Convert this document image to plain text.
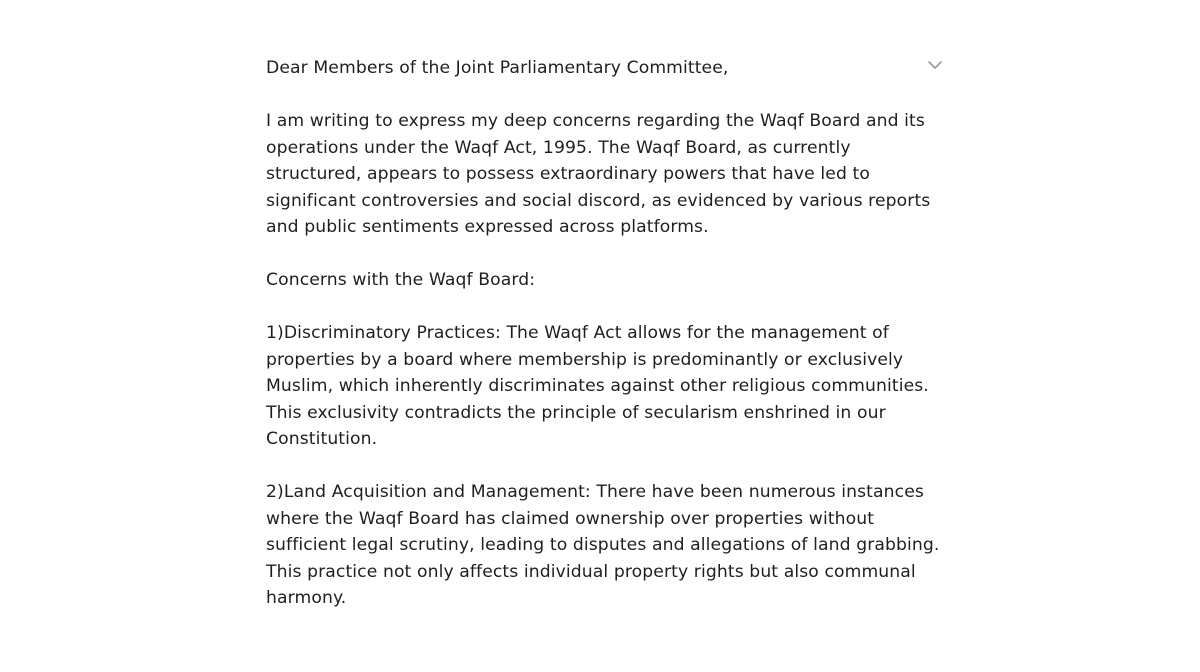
Dear Members of the Joint Parliamentary Committee,

I am writing to express my deep concerns regarding the Waqf Board and its
operations under the Waqf Act, 1995. The Waqf Board, as currently
structured, appears to possess extraordinary powers that have led to
significant controversies and social discord, as evidenced by various reports
and public sentiments expressed across platforms.

Concerns with the Waqf Board:

1)Discriminatory Practices: The Waqf Act allows for the management of
properties by a board where membership is predominantly or exclusively
Muslim, which inherently discriminates against other religious communities.
This exclusivity contradicts the principle of secularism enshrined in our
Constitution.

2)Land Acquisition and Management: There have been numerous instances
where the Waqf Board has claimed ownership over properties without
sufficient legal scrutiny, leading to disputes and allegations of land grabbing.
This practice not only affects individual property rights but also communal
harmony.
